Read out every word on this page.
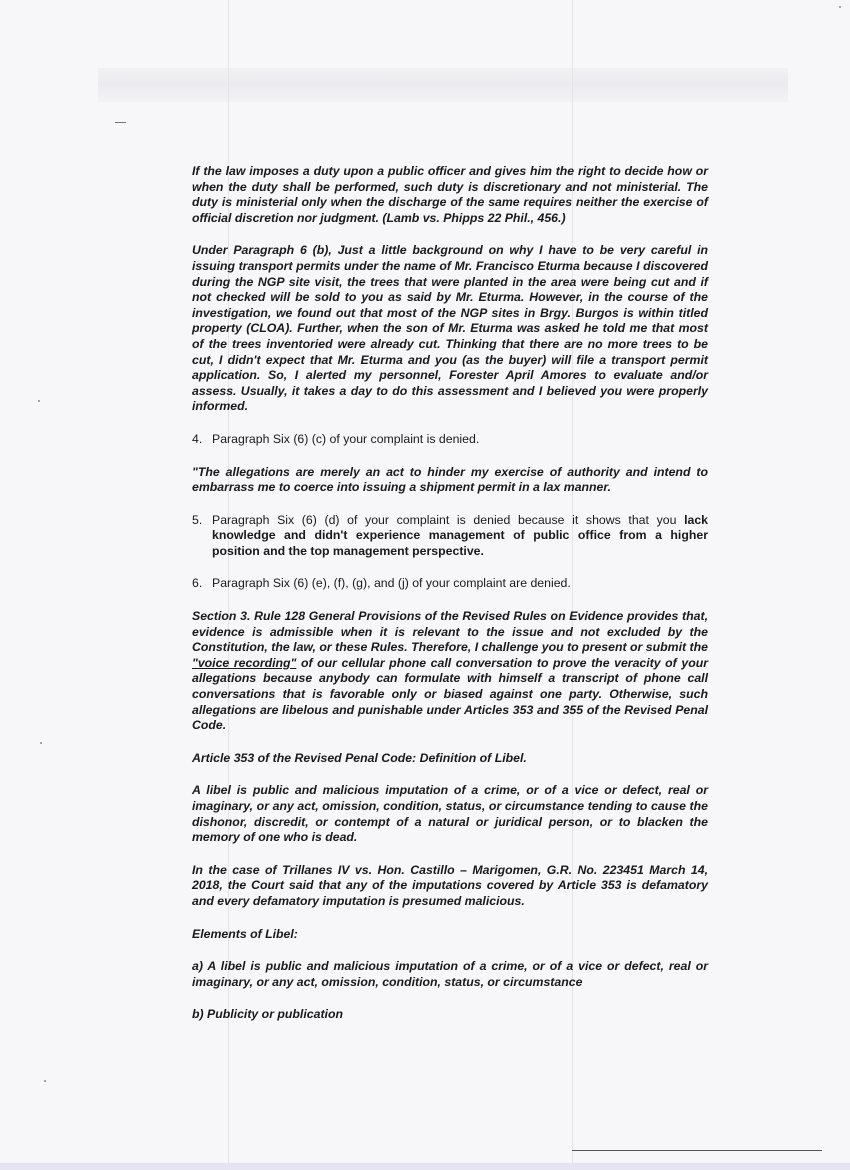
If the law imposes a duty upon a public officer and gives him the right to decide how or when the duty shall be performed, such duty is discretionary and not ministerial. The duty is ministerial only when the discharge of the same requires neither the exercise of official discretion nor judgment. (Lamb vs. Phipps 22 Phil., 456.)

Under Paragraph 6 (b), Just a little background on why I have to be very careful in issuing transport permits under the name of Mr. Francisco Eturma because I discovered during the NGP site visit, the trees that were planted in the area were being cut and if not checked will be sold to you as said by Mr. Eturma. However, in the course of the investigation, we found out that most of the NGP sites in Brgy. Burgos is within titled property (CLOA). Further, when the son of Mr. Eturma was asked he told me that most of the trees inventoried were already cut. Thinking that there are no more trees to be cut, I didn't expect that Mr. Eturma and you (as the buyer) will file a transport permit application. So, I alerted my personnel, Forester April Amores to evaluate and/or assess. Usually, it takes a day to do this assessment and I believed you were properly informed.

4. Paragraph Six (6) (c) of your complaint is denied.

"The allegations are merely an act to hinder my exercise of authority and intend to embarrass me to coerce into issuing a shipment permit in a lax manner.

5. Paragraph Six (6) (d) of your complaint is denied because it shows that you lack knowledge and didn't experience management of public office from a higher position and the top management perspective.
6. Paragraph Six (6) (e), (f), (g), and (j) of your complaint are denied.

Section 3. Rule 128 General Provisions of the Revised Rules on Evidence provides that, evidence is admissible when it is relevant to the issue and not excluded by the Constitution, the law, or these Rules. Therefore, I challenge you to present or submit the "voice recording" of our cellular phone call conversation to prove the veracity of your allegations because anybody can formulate with himself a transcript of phone call conversations that is favorable only or biased against one party. Otherwise, such allegations are libelous and punishable under Articles 353 and 355 of the Revised Penal Code.

Article 353 of the Revised Penal Code: Definition of Libel.

A libel is public and malicious imputation of a crime, or of a vice or defect, real or imaginary, or any act, omission, condition, status, or circumstance tending to cause the dishonor, discredit, or contempt of a natural or juridical person, or to blacken the memory of one who is dead.

In the case of Trillanes IV vs. Hon. Castillo – Marigomen, G.R. No. 223451 March 14, 2018, the Court said that any of the imputations covered by Article 353 is defamatory and every defamatory imputation is presumed malicious.

Elements of Libel:

a) A libel is public and malicious imputation of a crime, or of a vice or defect, real or imaginary, or any act, omission, condition, status, or circumstance

b) Publicity or publication
